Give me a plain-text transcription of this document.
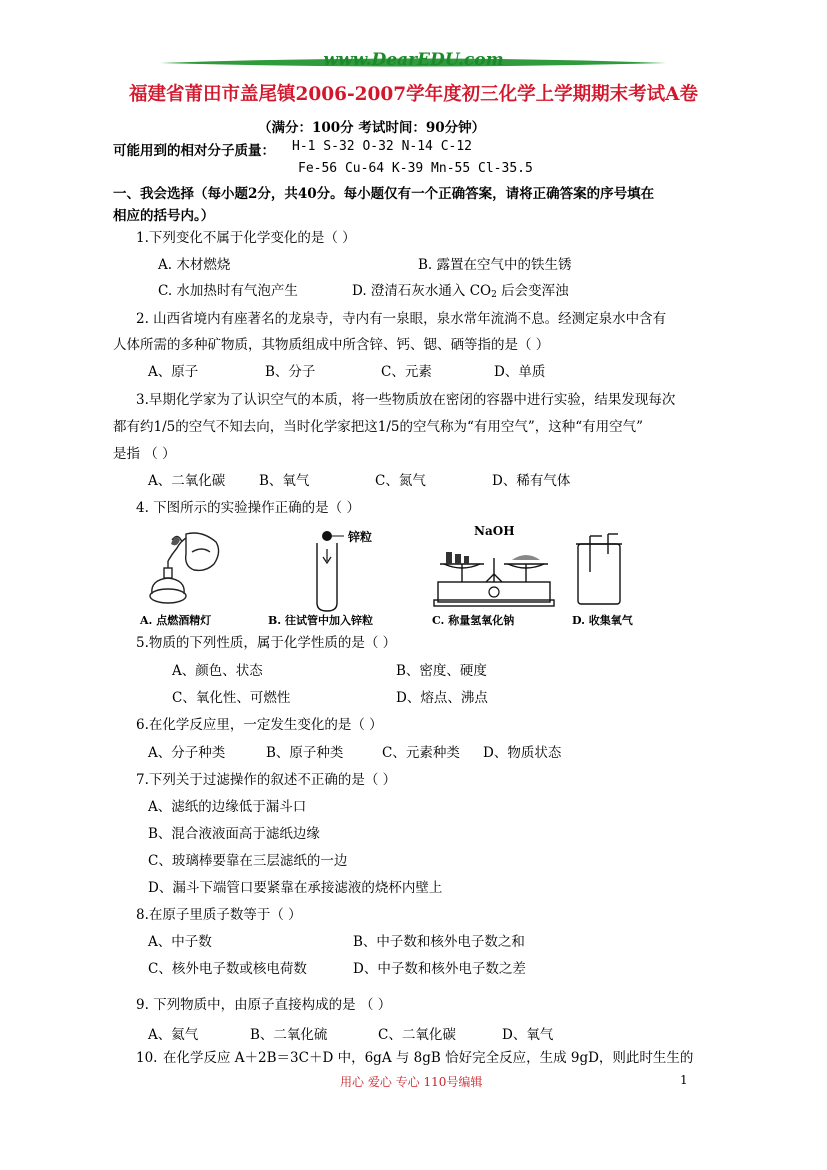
www.DearEDU.com
福建省莆田市盖尾镇2006-2007学年度初三化学上学期期末考试A卷
（满分：100分 考试时间：90分钟）
可能用到的相对分子质量： H-1 S-32 O-32 N-14 C-12
Fe-56 Cu-64 K-39 Mn-55 Cl-35.5
一、我会选择（每小题2分，共40分。每小题仅有一个正确答案，请将正确答案的序号填在
相应的括号内。）
1.下列变化不属于化学变化的是（ ）
A. 木材燃烧	B. 露置在空气中的铁生锈
C. 水加热时有气泡产生	D. 澄清石灰水通入 $CO_2$ 后会变浑浊
2. 山西省境内有座著名的龙泉寺，寺内有一泉眼，泉水常年流淌不息。经测定泉水中含有
人体所需的多种矿物质，其物质组成中所含锌、钙、锶、硒等指的是（ ）
A、原子	B、分子	C、元素	D、单质
3.早期化学家为了认识空气的本质，将一些物质放在密闭的容器中进行实验，结果发现每次
都有约1/5的空气不知去向，当时化学家把这1/5的空气称为“有用空气”，这种“有用空气”
是指 （ ）
A、二氧化碳	B、氧气	C、氮气	D、稀有气体
4. 下图所示的实验操作正确的是（ ）
A. 点燃酒精灯
锌粒
B. 往试管中加入锌粒
NaOH
C. 称量氢氧化钠	D. 收集氧气
5.物质的下列性质，属于化学性质的是（ ）
A、颜色、状态	B、密度、硬度
C、氧化性、可燃性	D、熔点、沸点
6.在化学反应里，一定发生变化的是（ ）
A、分子种类	B、原子种类	C、元素种类 D、物质状态
7.下列关于过滤操作的叙述不正确的是（ ）
A、滤纸的边缘低于漏斗口
B、混合液液面高于滤纸边缘
C、玻璃棒要靠在三层滤纸的一边
D、漏斗下端管口要紧靠在承接滤液的烧杯内壁上
8.在原子里质子数等于（ ）
A、中子数	B、中子数和核外电子数之和
C、核外电子数或核电荷数	D、中子数和核外电子数之差
9. 下列物质中，由原子直接构成的是 （ ）
A、氦气	B、二氧化硫	C、二氧化碳	D、氧气
10. 在化学反应 A＋2B＝3C＋D 中，6gA 与 8gB 恰好完全反应，生成 9gD，则此时生生的
用心 爱心 专心 110号编辑	1
